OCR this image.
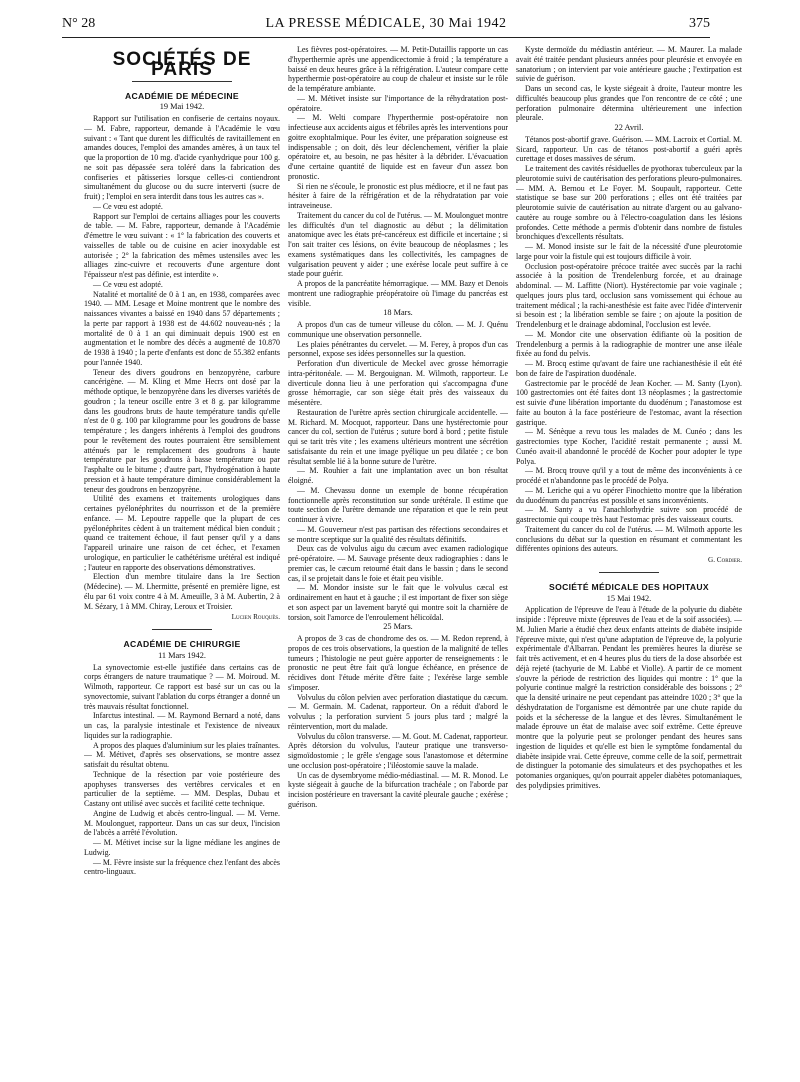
N° 28	LA PRESSE MÉDICALE, 30 Mai 1942	375
SOCIÉTÉS DE PARIS
ACADÉMIE DE MÉDECINE
19 Mai 1942.

Rapport sur l'utilisation en confiserie de certains noyaux. — M. Fabre, rapporteur, demande à l'Académie le vœu suivant : « Tant que durent les difficultés de ravitaillement en amandes douces, l'emploi des amandes amères, à un taux tel que la proportion de 10 mg. d'acide cyanhydrique pour 100 g. ne soit pas dépassée sera toléré dans la fabrication des confiseries et pâtisseries lorsque celles-ci contiendront simultanément du glucose ou du sucre interverti (sucre de fruit) ; l'emploi en sera interdit dans tous les autres cas ».

— Ce vœu est adopté.

Rapport sur l'emploi de certains alliages pour les couverts de table. — M. Fabre, rapporteur, demande à l'Académie d'émettre le vœu suivant : « 1° la fabrication des couverts et vaisselles de table ou de cuisine en acier inoxydable est autorisée ; 2° la fabrication des mêmes ustensiles avec les alliages zinc-cuivre et recouverts d'une argenture dont l'épaisseur n'est pas définie, est interdite ».

— Ce vœu est adopté.

Natalité et mortalité de 0 à 1 an, en 1938, comparées avec 1940. — MM. Lesage et Moine montrent que le nombre des naissances vivantes a baissé en 1940 dans 57 départements ; la perte par rapport à 1938 est de 44.602 nouveau-nés ; la mortalité de 0 à 1 an qui diminuait depuis 1900 est en augmentation et le nombre des décès a augmenté de 10.870 de 1938 à 1940 ; la perte d'enfants est donc de 55.382 enfants pour l'année 1940.

Teneur des divers goudrons en benzopyrène, carbure cancérigène. — M. Kling et Mme Hecrs ont dosé par la méthode optique, le benzopyrène dans les diverses variétés de goudron ; la teneur oscille entre 3 et 8 g. par kilogramme dans les goudrons bruts de haute température tandis qu'elle n'est de 0 g. 100 par kilogramme pour les goudrons de basse température ; les dangers inhérents à l'emploi des goudrons pour le revêtement des routes pourraient être sensiblement atténués par le remplacement des goudrons à haute température par les goudrons à basse température ou par l'asphalte ou le bitume ; d'autre part, l'hydrogénation à haute pression et à haute température diminue considérablement la teneur des goudrons en benzopyrène.

Utilité des examens et traitements urologiques dans certaines pyélonéphrites du nourrisson et de la première enfance. — M. Lepoutre rappelle que la plupart de ces pyélonéphrites cèdent à un traitement médical bien conduit ; quand ce traitement échoue, il faut penser qu'il y a dans l'appareil urinaire une raison de cet échec, et l'examen urologique, en particulier le cathétérisme urétéral est indiqué ; l'auteur en rapporte des observations démonstratives.

Election d'un membre titulaire dans la 1re Section (Médecine). — M. Lhermitte, présenté en première ligne, est élu par 61 voix contre 4 à M. Ameuille, 3 à M. Aubertin, 2 à M. Sézary, 1 à MM. Chiray, Leroux et Troisier.

Lucien Rouquès.
ACADÉMIE DE CHIRURGIE
11 Mars 1942.

La synovectomie est-elle justifiée dans certains cas de corps étrangers de nature traumatique ? — M. Moiroud. M. Wilmoth, rapporteur. Ce rapport est basé sur un cas ou la synovectomie, suivant l'ablation du corps étranger a donné un très mauvais résultat fonctionnel.

Infarctus intestinal. — M. Raymond Bernard a noté, dans un cas, la paralysie intestinale et l'existence de niveaux liquides sur la radiographie.

A propos des plaques d'aluminium sur les plaies traînantes. — M. Métivet, d'après ses observations, se montre assez satisfait du résultat obtenu.

Technique de la résection par voie postérieure des apophyses transverses des vertèbres cervicales et en particulier de la septième. — MM. Desplas, Dubau et Castany ont utilisé avec succès et facilité cette technique.

Angine de Ludwig et abcès centro-lingual. — M. Verne. M. Moulonguet, rapporteur. Dans un cas sur deux, l'incision de l'abcès a arrêté l'évolution.

— M. Métivet incise sur la ligne médiane les angines de Ludwig.

— M. Fèvre insiste sur la fréquence chez l'enfant des abcès centro-linguaux.

Les fièvres post-opératoires. — M. Petit-Dutaillis rapporte un cas d'hyperthermie après une appendicectomie à froid ; la température a baissé en deux heures grâce à la réfrigération. L'auteur compare cette hyperthermie post-opératoire au coup de chaleur et insiste sur le rôle de la température ambiante.

— M. Métivet insiste sur l'importance de la réhydratation post-opératoire.

— M. Welti compare l'hyperthermie post-opératoire non infectieuse aux accidents aigus et fébriles après les interventions pour goitre exophtalmique. Pour les éviter, une préparation soigneuse est indispensable ; on doit, dès leur déclenchement, vérifier la plaie opératoire et, au besoin, ne pas hésiter à la débrider. L'évacuation d'une certaine quantité de liquide est en faveur d'un assez bon pronostic.

Si rien ne s'écoule, le pronostic est plus médiocre, et il ne faut pas hésiter à faire de la réfrigération et de la réhydratation par voie intraveineuse.

Traitement du cancer du col de l'utérus. — M. Moulonguet montre les difficultés d'un tel diagnostic au début ; la délimitation anatomique avec les états pré-cancéreux est difficile et incertaine ; si l'on sait traiter ces lésions, on évite beaucoup de néoplasmes ; les examens systématiques dans les collectivités, les campagnes de vulgarisation peuvent y aider ; une exérèse locale peut suffire à ce stade pour guérir.

A propos de la pancréatite hémorragique. — MM. Bazy et Denois montrent une radiographie préopératoire où l'image du pancréas est visible.

18 Mars.

A propos d'un cas de tumeur villeuse du côlon. — M. J. Quénu communique une observation personnelle.

Les plaies pénétrantes du cervelet. — M. Ferey, à propos d'un cas personnel, expose ses idées personnelles sur la question.

Perforation d'un diverticule de Meckel avec grosse hémorragie intra-péritonéale. — M. Bergouignan. M. Wilmoth, rapporteur. Le diverticule donna lieu à une perforation qui s'accompagna d'une grosse hémorragie, car son siège était près des vaisseaux du mésentère.

Restauration de l'urètre après section chirurgicale accidentelle. — M. Richard. M. Mocquot, rapporteur. Dans une hystérectomie pour cancer du col, section de l'utérus ; suture bord à bord ; petite fistule qui se tarit très vite ; les examens ultérieurs montrent une sécrétion satisfaisante du rein et une image pyélique un peu dilatée ; ce bon résultat semble lié à la bonne suture de l'urètre.

— M. Rouhier a fait une implantation avec un bon résultat éloigné.

— M. Chevassu donne un exemple de bonne récupération fonctionnelle après reconstitution sur sonde urétérale. Il estime que toute section de l'urètre demande une réparation et que le rein peut continuer à vivre.

— M. Gouverneur n'est pas partisan des réfections secondaires et se montre sceptique sur la qualité des résultats définitifs.

Deux cas de volvulus aigu du cæcum avec examen radiologique pré-opératoire. — M. Sauvage présente deux radiographies : dans le premier cas, le cæcum retourné était dans le bassin ; dans le second cas, il se projetait dans le foie et était peu visible.

— M. Mondor insiste sur le fait que le volvulus cæcal est ordinairement en haut et à gauche ; il est important de fixer son siège et son aspect par un lavement baryté qui montre soit la charnière de torsion, soit l'amorce de l'enroulement hélicoïdal.

25 Mars.

A propos de 3 cas de chondrome des os. — M. Redon reprend, à propos de ces trois observations, la question de la malignité de telles tumeurs ; l'histologie ne peut guère apporter de renseignements : le pronostic ne peut être fait qu'à longue échéance, en présence de récidives dont l'étude mérite d'être faite ; l'exérèse large semble s'imposer.

Volvulus du côlon pelvien avec perforation diastatique du cæcum. — M. Germain. M. Cadenat, rapporteur. On a réduit d'abord le volvulus ; la perforation survient 5 jours plus tard ; malgré la réintervention, mort du malade.

Volvulus du côlon transverse. — M. Gout. M. Cadenat, rapporteur. Après détorsion du volvulus, l'auteur pratique une transverso-sigmoïdostomie ; le grêle s'engage sous l'anastomose et détermine une occlusion post-opératoire ; l'iléostomie sauve la malade.

Un cas de dysembryome médio-médiastinal. — M. R. Monod. Le kyste siégeait à gauche de la bifurcation trachéale ; on l'aborde par incision postérieure en traversant la cavité pleurale gauche ; exérèse ; guérison.

Kyste dermoïde du médiastin antérieur. — M. Maurer. La malade avait été traitée pendant plusieurs années pour pleurésie et envoyée en sanatorium ; on intervient par voie antérieure gauche ; l'extirpation est suivie de guérison.

Dans un second cas, le kyste siégeait à droite, l'auteur montre les difficultés beaucoup plus grandes que l'on rencontre de ce côté ; une perforation pulmonaire détermina ultérieurement une infection pleurale.

22 Avril.

Tétanos post-abortif grave. Guérison. — MM. Lacroix et Cortial. M. Sicard, rapporteur. Un cas de tétanos post-abortif a guéri après curettage et doses massives de sérum.

Le traitement des cavités résiduelles de pyothorax tuberculeux par la pleurotomie suivi de cautérisation des perforations pleuro-pulmonaires. — MM. A. Bernou et Le Foyer. M. Soupault, rapporteur. Cette statistique se base sur 200 perforations ; elles ont été traitées par pleurotomie suivie de cautérisation au nitrate d'argent ou au galvano-cautère au rouge sombre ou à l'électro-coagulation dans les lésions profondes. Cette méthode a permis d'obtenir dans nombre de fistules bronchiques d'excellents résultats.

— M. Monod insiste sur le fait de la nécessité d'une pleurotomie large pour voir la fistule qui est toujours difficile à voir.

Occlusion post-opératoire précoce traitée avec succès par la rachi associée à la position de Trendelenburg forcée, et au drainage abdominal. — M. Laffitte (Niort). Hystérectomie par voie vaginale ; quelques jours plus tard, occlusion sans vomissement qui échoue au traitement médical ; la rachi-anesthésie est faite avec l'idée d'intervenir si besoin est ; la libération semble se faire ; on ajoute la position de Trendelenburg et le drainage abdominal, l'occlusion est levée.

— M. Mondor cite une observation édifiante où la position de Trendelenburg a permis à la radiographie de montrer une anse iléale fixée au fond du pelvis.

— M. Brocq estime qu'avant de faire une rachianesthésie il eût été bon de faire de l'aspiration duodénale.

Gastrectomie par le procédé de Jean Kocher. — M. Santy (Lyon). 100 gastrectomies ont été faites dont 13 néoplasmes ; la gastrectomie est suivie d'une libération importante du duodénum ; l'anastomose est faite au bouton à la face postérieure de l'estomac, avant la résection gastrique.

— M. Sénèque a revu tous les malades de M. Cunéo ; dans les gastrectomies type Kocher, l'acidité restait permanente ; aussi M. Cunéo avait-il abandonné le procédé de Kocher pour adopter le type Polya.

— M. Brocq trouve qu'il y a tout de même des inconvénients à ce procédé et n'abandonne pas le procédé de Polya.

— M. Leriche qui a vu opérer Finochietto montre que la libération du duodénum du pancréas est possible et sans inconvénients.

— M. Santy a vu l'anachlorhydrie suivre son procédé de gastrectomie qui coupe très haut l'estomac près des vaisseaux courts.

Traitement du cancer du col de l'utérus. — M. Wilmoth apporte les conclusions du débat sur la question en résumant et commentant les différentes opinions des auteurs.

G. Cordier.
SOCIÉTÉ MÉDICALE DES HOPITAUX
15 Mai 1942.

Application de l'épreuve de l'eau à l'étude de la polyurie du diabète insipide : l'épreuve mixte (épreuves de l'eau et de la soif associées). — M. Julien Marie a étudié chez deux enfants atteints de diabète insipide l'épreuve mixte, qui n'est qu'une adaptation de l'épreuve de, la polyurie expérimentale d'Albarran. Pendant les premières heures la diurèse se fait très activement, et en 4 heures plus du tiers de la dose absorbée est déjà rejeté (tachyurie de M. Labbé et Violle). A partir de ce moment s'ouvre la période de restriction des liquides qui montre : 1° que la polyurie continue malgré la restriction considérable des boissons ; 2° que la densité urinaire ne peut cependant pas atteindre 1020 ; 3° que la déshydratation de l'organisme est démontrée par une chute rapide du poids et la sécheresse de la langue et des lèvres. Simultanément le malade éprouve un état de malaise avec soif extrême. Cette épreuve montre que la polyurie peut se prolonger pendant des heures sans ingestion de liquides et qu'elle est bien le symptôme fondamental du diabète insipide vrai. Cette épreuve, comme celle de la soif, permettrait de distinguer la potomanie des simulateurs et des psychopathes et les potomanies organiques, qu'on pourrait appeler diabètes potomaniaques, des polydipsies primitives.
